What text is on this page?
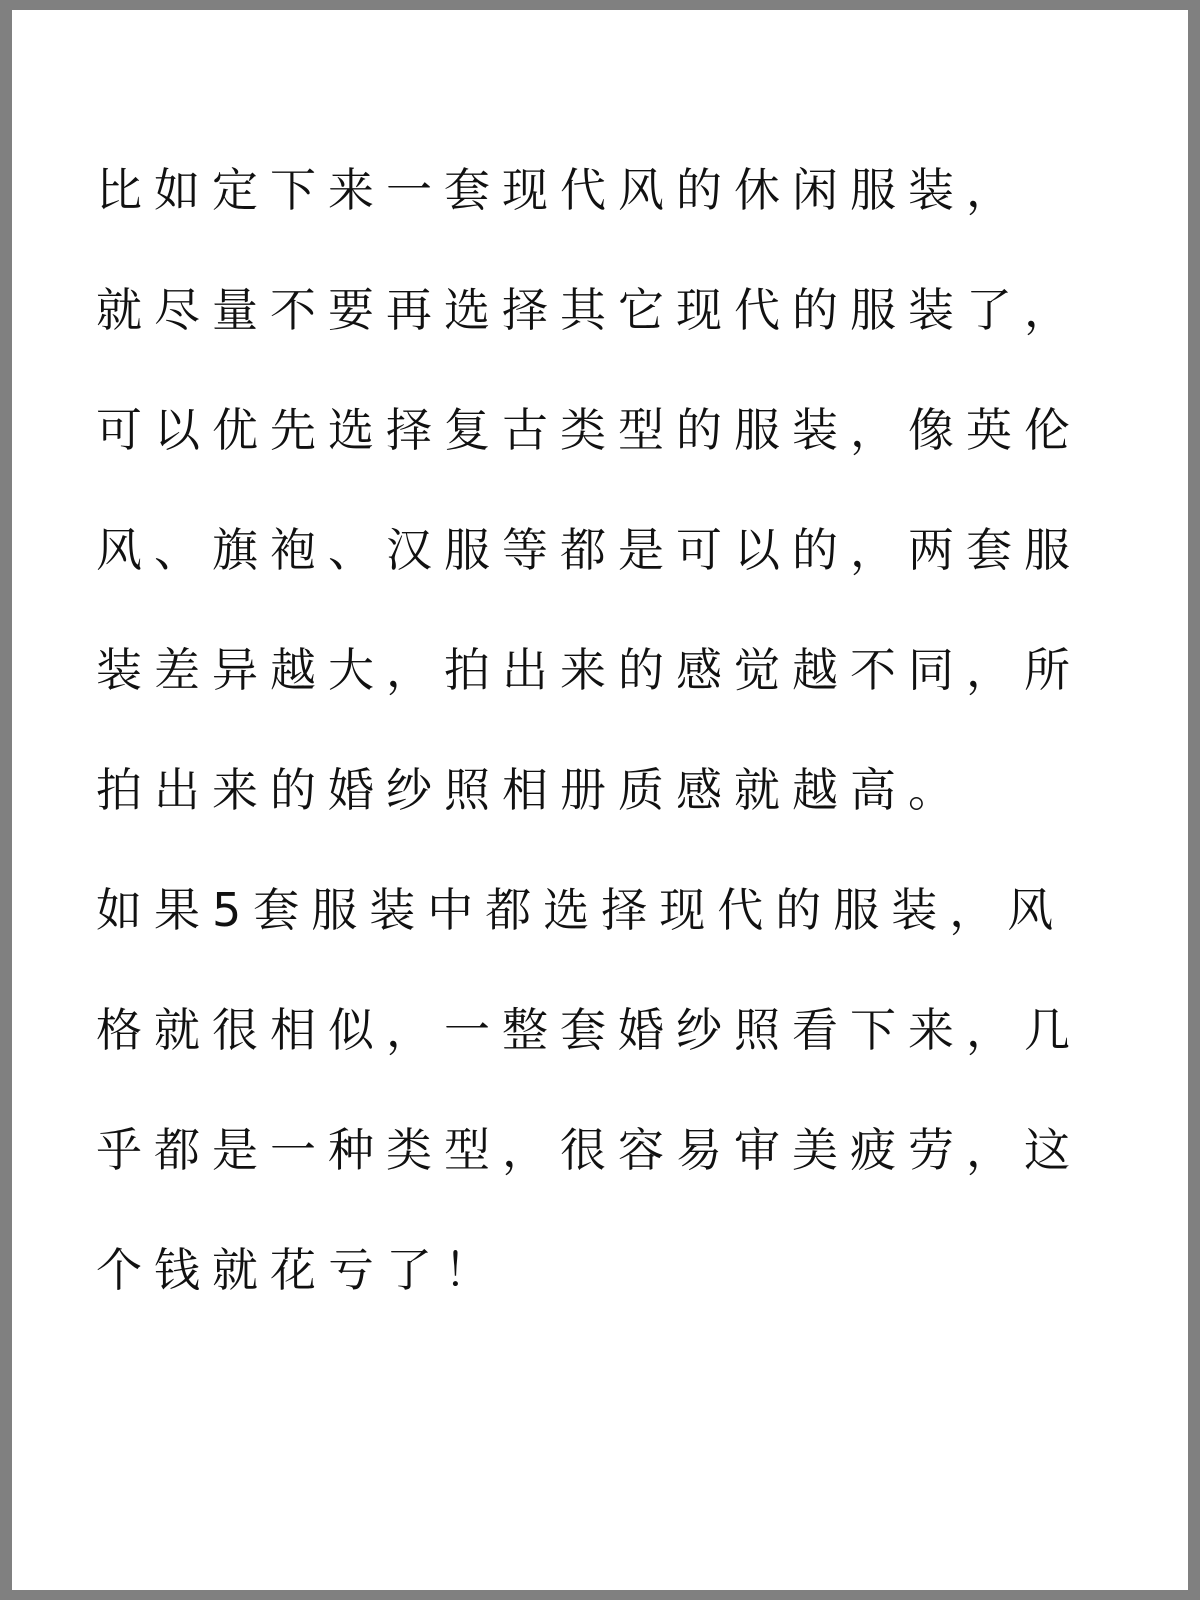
比如定下来一套现代风的休闲服装，
就尽量不要再选择其它现代的服装了，
可以优先选择复古类型的服装，像英伦
风、旗袍、汉服等都是可以的，两套服
装差异越大，拍出来的感觉越不同，所
拍出来的婚纱照相册质感就越高。
如果5套服装中都选择现代的服装，风
格就很相似，一整套婚纱照看下来，几
乎都是一种类型，很容易审美疲劳，这
个钱就花亏了！
